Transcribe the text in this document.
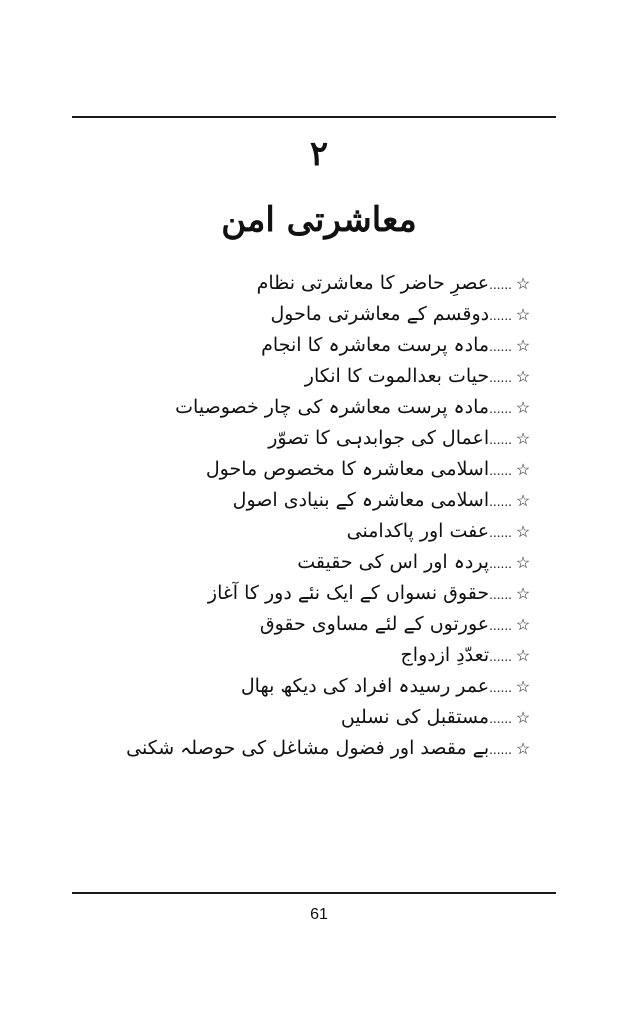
۲
معاشرتی امن
☆......عصرِ حاضر کا معاشرتی نظام
☆......دوقسم کے معاشرتی ماحول
☆......مادہ پرست معاشرہ کا انجام
☆......حیات بعدالموت کا انکار
☆......مادہ پرست معاشرہ کی چار خصوصیات
☆......اعمال کی جوابدہی کا تصوّر
☆......اسلامی معاشرہ کا مخصوص ماحول
☆......اسلامی معاشرہ کے بنیادی اصول
☆......عفت اور پاکدامنی
☆......پردہ اور اس کی حقیقت
☆......حقوق نسواں کے ایک نئے دور کا آغاز
☆......عورتوں کے لئے مساوی حقوق
☆......تعدّدِ ازدواج
☆......عمر رسیدہ افراد کی دیکھ بھال
☆......مستقبل کی نسلیں
☆......بے مقصد اور فضول مشاغل کی حوصلہ شکنی
61
